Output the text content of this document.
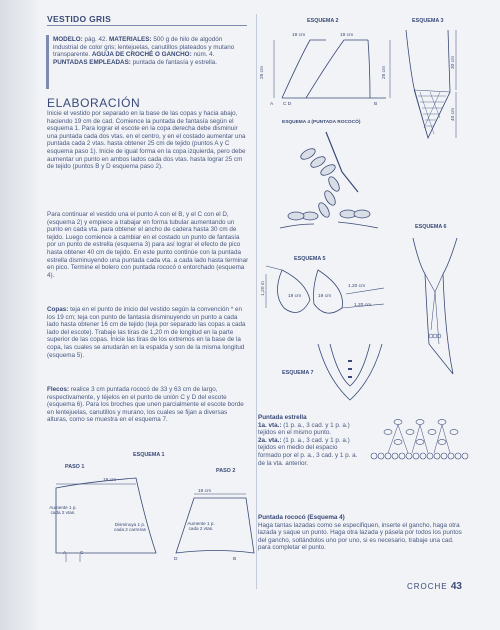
VESTIDO GRIS
MODELO: pág. 42. MATERIALES: 500 g de hilo de algodón industrial de color gris; lentejuelas, canutillos plateados y mutano transparente. AGUJA DE CROCHÉ O GANCHO: núm. 4. PUNTADAS EMPLEADAS: puntada de fantasía y estrella.
ELABORACIÓN
Inicie el vestido por separado en la base de las copas y hacia abajo, haciendo 19 cm de cad. Comience la puntada de fantasía según el esquema 1. Para lograr el escote en la copa derecha debe disminuir una puntada cada dos vtas. en el centro, y en el costado aumentar una puntada cada 2 vtas. hasta obtener 25 cm de tejido (puntos A y C esquema paso 1). Inicie de igual forma en la copa izquierda, pero debe aumentar un punto en ambos lados cada dos vtas. hasta lograr 25 cm de tejido (puntos B y D esquema paso 2).
Para continuar el vestido una el punto A con el B, y el C con el D, (esquema 2) y empiece a trabajar en forma tubular aumentando un punto en cada vta. para obtener el ancho de cadera hasta 30 cm de tejido. Luego comience a cambiar en el costado un punto de fantasía por un punto de estrella (esquema 3) para así lograr el efecto de pico hasta obtener 40 cm de tejido. En este punto continúe con la puntada estrella disminuyendo una puntada cada vta. a cada lado hasta terminar en pico. Termine el bolero con puntada rococó o entorchado (esquema 4).
Copas: teja en el punto de inicio del vestido según la convención * en los 19 cm; teja con punto de fantasía disminuyendo un punto a cada lado hasta obtener 16 cm de tejido (teja por separado las copas a cada lado del escote). Trabaje las tiras de 1,20 m de longitud en la parte superior de las copas. Inicie las tiras de los extremos en la base de la copa, las cuales se anudarán en la espalda y son de la misma longitud (esquema 5).
Flecos: realice 3 cm puntada rococó de 33 y 63 cm de largo, respectivamente, y téjelos en el punto de unión C y D del escote (esquema 6). Para los broches que unen parcialmente el escote borde en lentejuelas, canutillos y murano, los cuales se fijan a diversas alturas, como se muestra en el esquema 7.
ESQUEMA 1
PASO 1
PASO 2
19 cm
19 cm
Aumente 1 p. cada 2 vtas.
Disminuya 1 p. cada 2 carreras
Aumente 1 p. cada 2 vtas.
A	C
D	B
ESQUEMA 2
19 cm	19 cm
25 cm	25 cm
A C D	B
ESQUEMA 3
30 cm
40 cm
ESQUEMA 4 (PUNTADA ROCOCÓ)
ESQUEMA 5
1,20 m
19 cm	19 cm
1.20 cm
1.20 cm
ESQUEMA 6
ESQUEMA 7
Puntada estrella
1a. vta.: (1 p. a., 3 cad. y 1 p. a.) tejidos en el mismo punto.
2a. vta.: (1 p. a., 3 cad. y 1 p. a.) tejidos en medio del espacio formado por el p. a., 3 cad. y 1 p. a. de la vta. anterior.
Puntada rococó (Esquema 4)
Haga tantas lazadas como se especifiquen, inserte el gancho, haga otra lazada y saque un punto. Haga otra lazada y pásela por todos los puntos del gancho, soltándolos uno por uno, si es necesario, trabaje una cad. para completar el punto.
CROCHE 43
